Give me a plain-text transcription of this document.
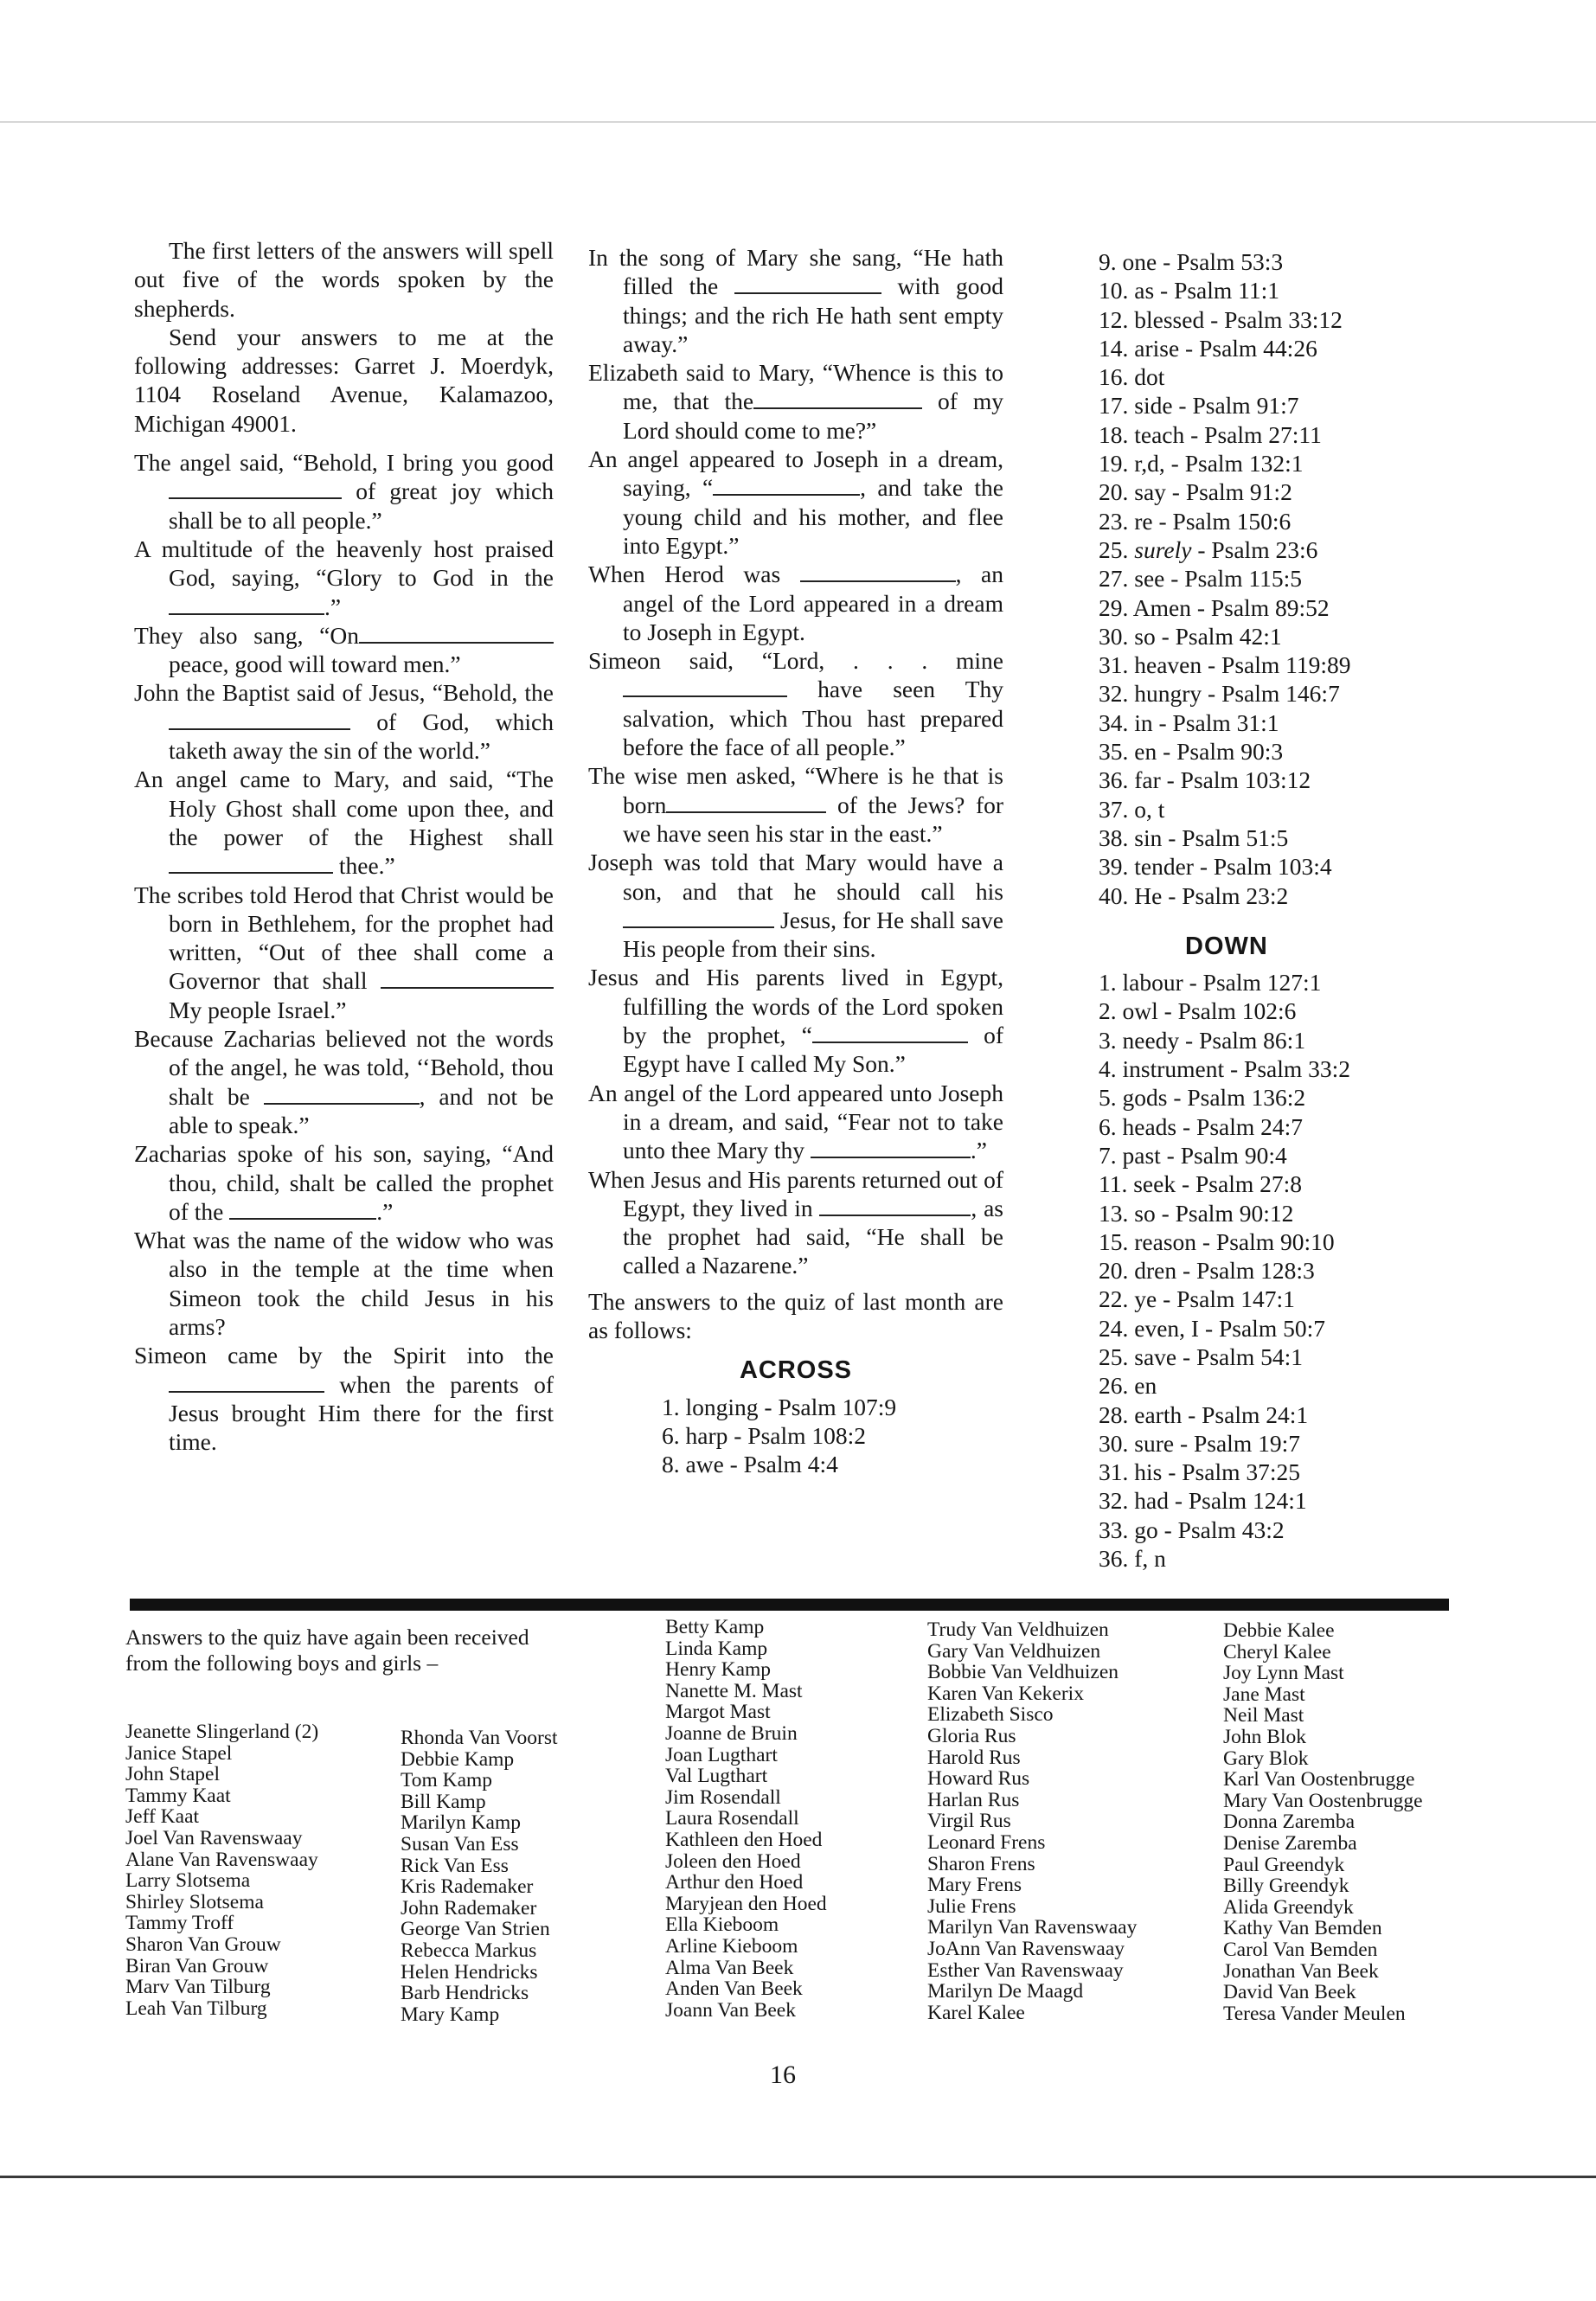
The first letters of the answers will spell out five of the words spoken by the shepherds.

Send your answers to me at the following addresses: Garret J. Moerdyk, 1104 Roseland Avenue, Kalamazoo, Michigan 49001.

The angel said, “Behold, I bring you good  of great joy which shall be to all people.”

A multitude of the heavenly host praised God, saying, “Glory to God in the .”

They also sang, “On peace, good will toward men.”

John the Baptist said of Jesus, “Behold, the  of God, which taketh away the sin of the world.”

An angel came to Mary, and said, “The Holy Ghost shall come upon thee, and the power of the Highest shall  thee.”

The scribes told Herod that Christ would be born in Bethlehem, for the prophet had written, “Out of thee shall come a Governor that shall  My people Israel.”

Because Zacharias believed not the words of the angel, he was told, ‘‘Behold, thou shalt be	, and not be able to speak.”

Zacharias spoke of his son, saying, “And thou, child, shalt be called the prophet of the	.”

What was the name of the widow who was also in the temple at the time when Simeon took the child Jesus in his arms?

Simeon came by the Spirit into the  when the parents of Jesus brought Him there for the first time.

In the song of Mary she sang, “He hath filled the	with good things; and the rich He hath sent empty away.”

Elizabeth said to Mary, “Whence is this to me, that the	of my Lord should come to me?”

An angel appeared to Joseph in a dream, saying, “	, and take the young child and his mother, and flee into Egypt.”

When Herod was	, an angel of the Lord appeared in a dream to Joseph in Egypt.

Simeon said, “Lord, . . . mine  have seen Thy salvation, which Thou hast prepared before the face of all people.”

The wise men asked, “Where is he that is born	of the Jews? for we have seen his star in the east.”

Joseph was told that Mary would have a son, and that he should call his  Jesus, for He shall save His people from their sins.

Jesus and His parents lived in Egypt, fulfilling the words of the Lord spoken by the prophet, “	of Egypt have I called My Son.”

An angel of the Lord appeared unto Joseph in a dream, and said, “Fear not to take unto thee Mary thy	.”

When Jesus and His parents returned out of Egypt, they lived in	, as the prophet had said, “He shall be called a Nazarene.”

The answers to the quiz of last month are as follows:

ACROSS
1. longing - Psalm 107:9
6. harp - Psalm 108:2
8. awe - Psalm 4:4
9. one - Psalm 53:3
10. as - Psalm 11:1
12. blessed - Psalm 33:12
14. arise - Psalm 44:26
16. dot
17. side - Psalm 91:7
18. teach - Psalm 27:11
19. r,d, - Psalm 132:1
20. say - Psalm 91:2
23. re - Psalm 150:6
25. surely - Psalm 23:6
27. see - Psalm 115:5
29. Amen - Psalm 89:52
30. so - Psalm 42:1
31. heaven - Psalm 119:89
32. hungry - Psalm 146:7
34. in - Psalm 31:1
35. en - Psalm 90:3
36. far - Psalm 103:12
37. o, t
38. sin - Psalm 51:5
39. tender - Psalm 103:4
40. He - Psalm 23:2
DOWN
1. labour - Psalm 127:1
2. owl - Psalm 102:6
3. needy - Psalm 86:1
4. instrument - Psalm 33:2
5. gods - Psalm 136:2
6. heads - Psalm 24:7
7. past - Psalm 90:4
11. seek - Psalm 27:8
13. so - Psalm 90:12
15. reason - Psalm 90:10
20. dren - Psalm 128:3
22. ye - Psalm 147:1
24. even, I - Psalm 50:7
25. save - Psalm 54:1
26. en
28. earth - Psalm 24:1
30. sure - Psalm 19:7
31. his - Psalm 37:25
32. had - Psalm 124:1
33. go - Psalm 43:2
36. f, n
Answers to the quiz have again been received from the following boys and girls –
Jeanette Slingerland (2)
Janice Stapel
John Stapel
Tammy Kaat
Jeff Kaat
Joel Van Ravenswaay
Alane Van Ravenswaay
Larry Slotsema
Shirley Slotsema
Tammy Troff
Sharon Van Grouw
Biran Van Grouw
Marv Van Tilburg
Leah Van Tilburg
Rhonda Van Voorst
Debbie Kamp
Tom Kamp
Bill Kamp
Marilyn Kamp
Susan Van Ess
Rick Van Ess
Kris Rademaker
John Rademaker
George Van Strien
Rebecca Markus
Helen Hendricks
Barb Hendricks
Mary Kamp
Betty Kamp
Linda Kamp
Henry Kamp
Nanette M. Mast
Margot Mast
Joanne de Bruin
Joan Lugthart
Val Lugthart
Jim Rosendall
Laura Rosendall
Kathleen den Hoed
Joleen den Hoed
Arthur den Hoed
Maryjean den Hoed
Ella Kieboom
Arline Kieboom
Alma Van Beek
Anden Van Beek
Joann Van Beek
Trudy Van Veldhuizen
Gary Van Veldhuizen
Bobbie Van Veldhuizen
Karen Van Kekerix
Elizabeth Sisco
Gloria Rus
Harold Rus
Howard Rus
Harlan Rus
Virgil Rus
Leonard Frens
Sharon Frens
Mary Frens
Julie Frens
Marilyn Van Ravenswaay
JoAnn Van Ravenswaay
Esther Van Ravenswaay
Marilyn De Maagd
Karel Kalee
Debbie Kalee
Cheryl Kalee
Joy Lynn Mast
Jane Mast
Neil Mast
John Blok
Gary Blok
Karl Van Oostenbrugge
Mary Van Oostenbrugge
Donna Zaremba
Denise Zaremba
Paul Greendyk
Billy Greendyk
Alida Greendyk
Kathy Van Bemden
Carol Van Bemden
Jonathan Van Beek
David Van Beek
Teresa Vander Meulen
16
